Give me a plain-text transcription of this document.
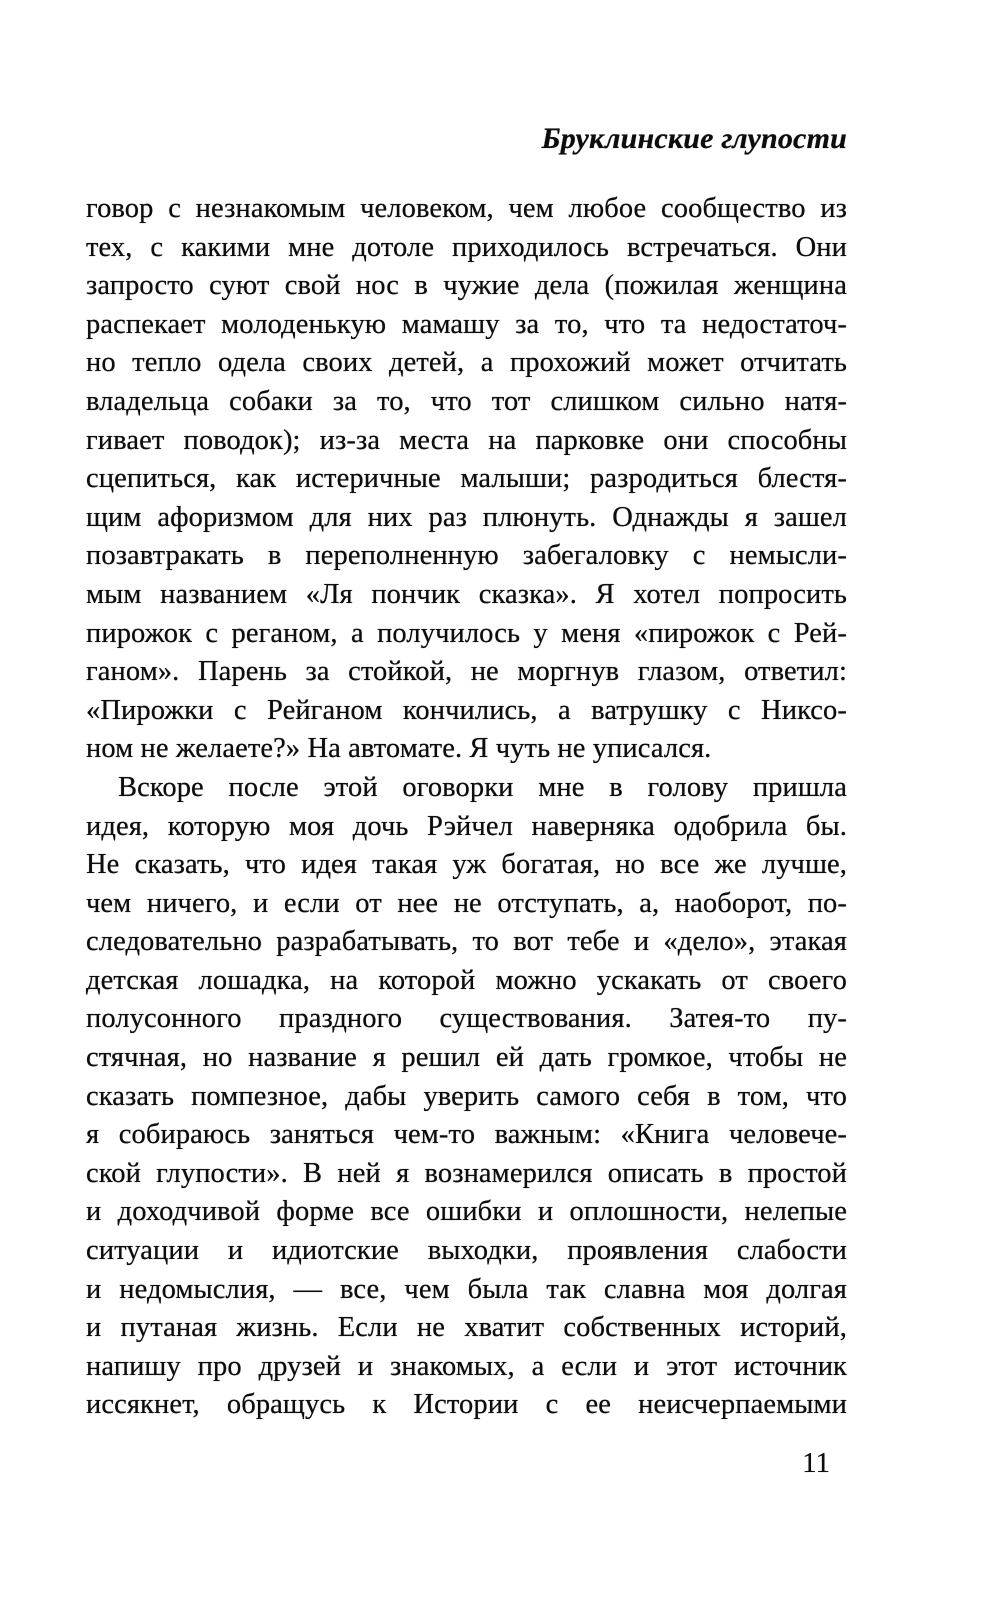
Бруклинские глупости
говор с незнакомым человеком, чем любое сообщество из
тех, с какими мне дотоле приходилось встречаться. Они
запросто суют свой нос в чужие дела (пожилая женщина
распекает молоденькую мамашу за то, что та недостаточ-
но тепло одела своих детей, а прохожий может отчитать
владельца собаки за то, что тот слишком сильно натя-
гивает поводок); из-за места на парковке они способны
сцепиться, как истеричные малыши; разродиться блестя-
щим афоризмом для них раз плюнуть. Однажды я зашел
позавтракать в переполненную забегаловку с немысли-
мым названием «Ля пончик сказка». Я хотел попросить
пирожок с реганом, а получилось у меня «пирожок с Рей-
ганом». Парень за стойкой, не моргнув глазом, ответил:
«Пирожки с Рейганом кончились, а ватрушку с Никсо-
ном не желаете?» На автомате. Я чуть не уписался.
Вскоре после этой оговорки мне в голову пришла
идея, которую моя дочь Рэйчел наверняка одобрила бы.
Не сказать, что идея такая уж богатая, но все же лучше,
чем ничего, и если от нее не отступать, а, наоборот, по-
следовательно разрабатывать, то вот тебе и «дело», этакая
детская лошадка, на которой можно ускакать от своего
полусонного праздного существования. Затея-то пу-
стячная, но название я решил ей дать громкое, чтобы не
сказать помпезное, дабы уверить самого себя в том, что
я собираюсь заняться чем-то важным: «Книга человече-
ской глупости». В ней я вознамерился описать в простой
и доходчивой форме все ошибки и оплошности, нелепые
ситуации и идиотские выходки, проявления слабости
и недомыслия, — все, чем была так славна моя долгая
и путаная жизнь. Если не хватит собственных историй,
напишу про друзей и знакомых, а если и этот источник
иссякнет, обращусь к Истории с ее неисчерпаемыми
11
